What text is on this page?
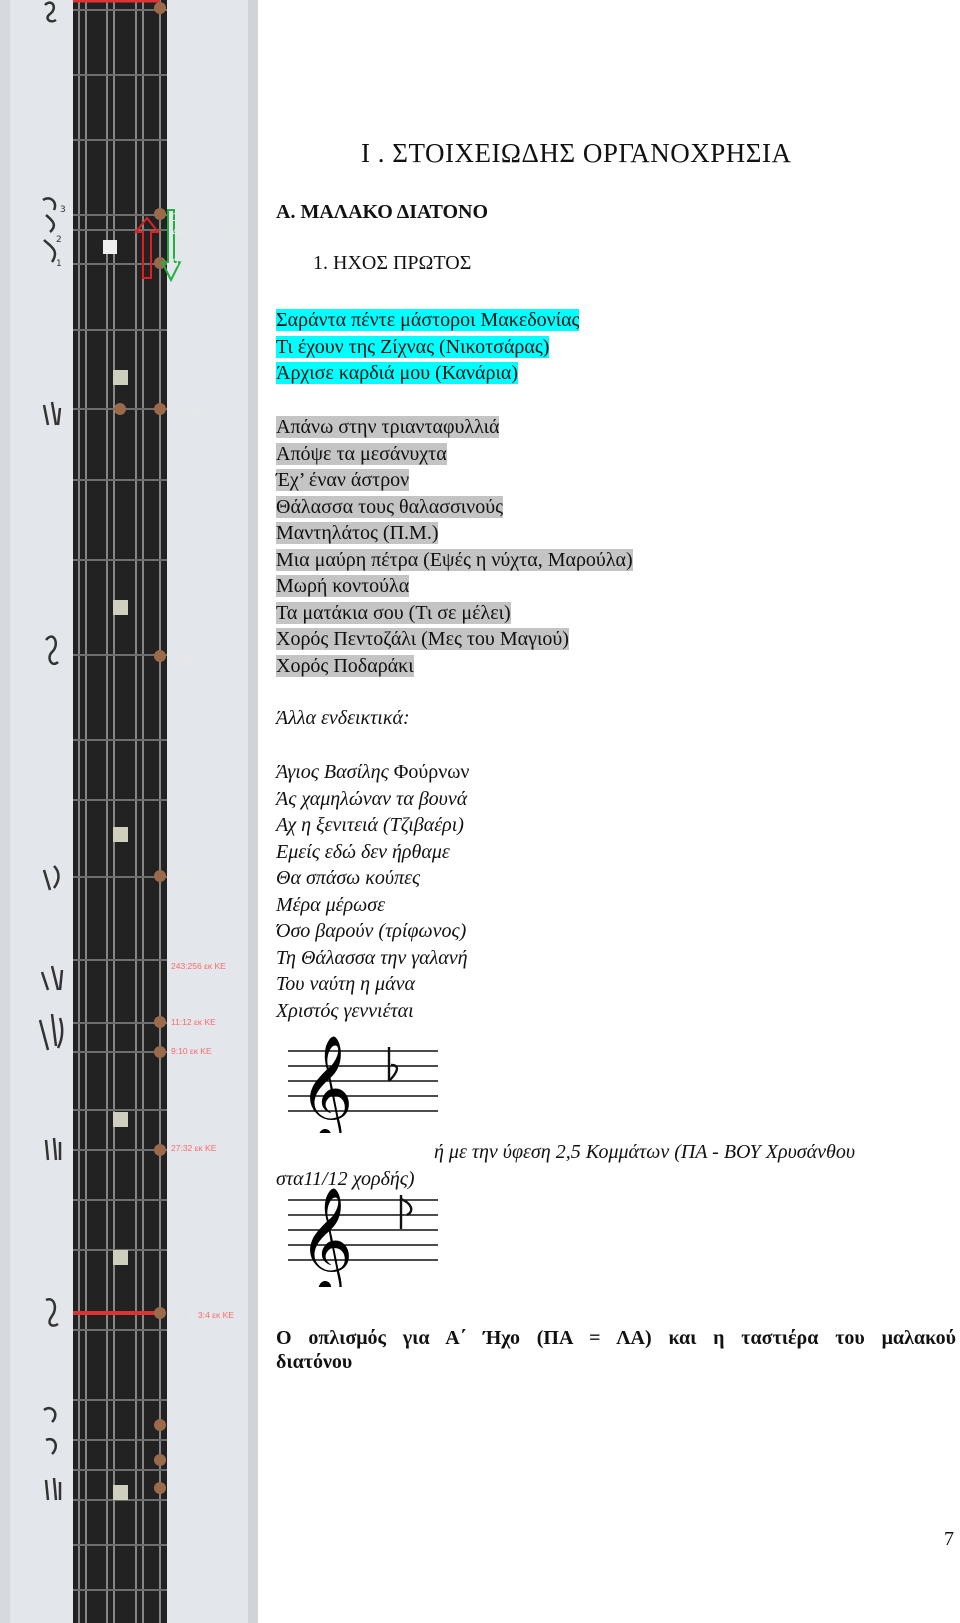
11:12
49:54 10:11
9:10
27:32
3:4
2:3
243:256 εκ ΚΕ
11:12 εκ ΚΕ
9:10 εκ ΚΕ
27:32 εκ ΚΕ
1 : 2 3:4 εκ ΚΕ
3
2
1
Ι . ΣΤΟΙΧΕΙΩΔΗΣ ΟΡΓΑΝΟΧΡΗΣΙΑ
Α. ΜΑΛΑΚΟ ΔΙΑΤΟΝΟ
1. ΗΧΟΣ ΠΡΩΤΟΣ
Σαράντα πέντε μάστοροι Μακεδονίας
Τι έχουν της Ζίχνας (Νικοτσάρας)
Άρχισε καρδιά μου (Κανάρια)
Απάνω στην τριανταφυλλιά
Απόψε τα μεσάνυχτα
Έχ’ έναν άστρον
Θάλασσα τους θαλασσινούς
Μαντηλάτος (Π.Μ.)
Μια μαύρη πέτρα (Εψές η νύχτα, Μαρούλα)
Μωρή κοντούλα
Τα ματάκια σου (Τι σε μέλει)
Χορός Πεντοζάλι (Μες του Μαγιού)
Χορός Ποδαράκι
Άλλα ενδεικτικά:
Άγιος Βασίλης Φούρνων
Άς χαμηλώναν τα βουνά
Αχ η ξενιτειά (Τζιβαέρι)
Εμείς εδώ δεν ήρθαμε
Θα σπάσω κούπες
Μέρα μέρωσε
Όσο βαρούν (τρίφωνος)
Τη Θάλασσα την γαλανή
Του ναύτη η μάνα
Χριστός γεννιέται
𝄞
ή με την ύφεση 2,5 Κομμάτων (ΠΑ - ΒΟΥ Χρυσάνθου
στα11/12 χορδής)
𝄞
Ο οπλισμός για Α΄ Ήχο (ΠΑ = ΛΑ) και η ταστιέρα του μαλακού
διατόνου
7
